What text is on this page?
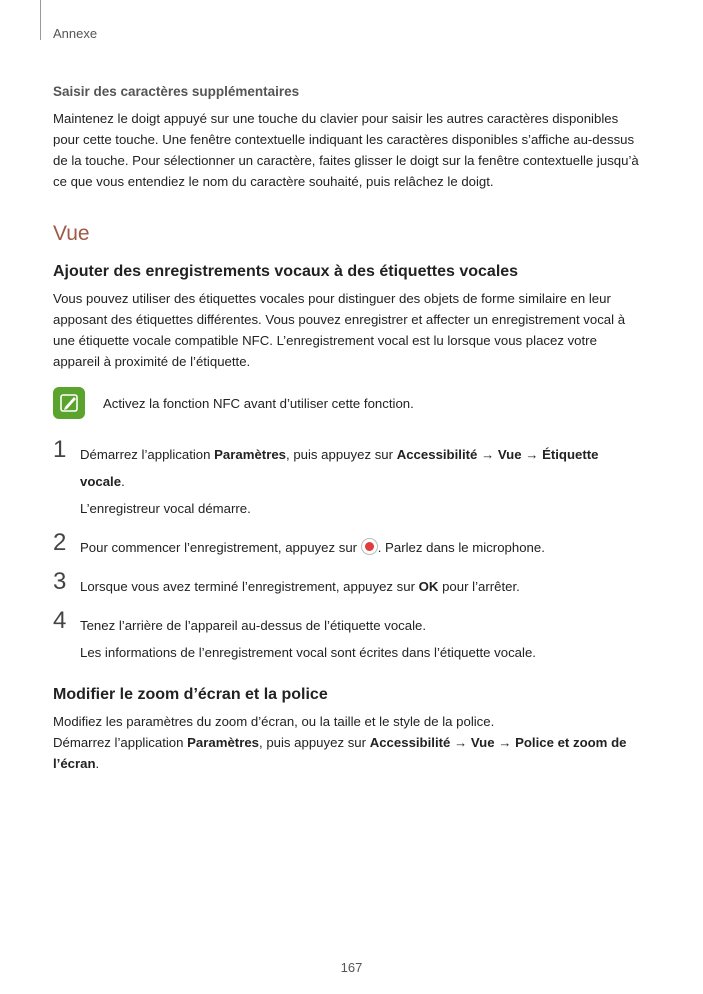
Annexe
Saisir des caractères supplémentaires

Maintenez le doigt appuyé sur une touche du clavier pour saisir les autres caractères disponibles pour cette touche. Une fenêtre contextuelle indiquant les caractères disponibles s’affiche au-dessus de la touche. Pour sélectionner un caractère, faites glisser le doigt sur la fenêtre contextuelle jusqu’à ce que vous entendiez le nom du caractère souhaité, puis relâchez le doigt.

Vue
Ajouter des enregistrements vocaux à des étiquettes vocales

Vous pouvez utiliser des étiquettes vocales pour distinguer des objets de forme similaire en leur apposant des étiquettes différentes. Vous pouvez enregistrer et affecter un enregistrement vocal à une étiquette vocale compatible NFC. L’enregistrement vocal est lu lorsque vous placez votre appareil à proximité de l’étiquette.

Activez la fonction NFC avant d’utiliser cette fonction.
1	Démarrez l’application Paramètres, puis appuyez sur Accessibilité → Vue → Étiquette vocale.

L’enregistreur vocal démarre.

2	Pour commencer l’enregistrement, appuyez sur . Parlez dans le microphone.

3	Lorsque vous avez terminé l’enregistrement, appuyez sur OK pour l’arrêter.

4	Tenez l’arrière de l’appareil au-dessus de l’étiquette vocale.

Les informations de l’enregistrement vocal sont écrites dans l’étiquette vocale.

Modifier le zoom d’écran et la police

Modifiez les paramètres du zoom d’écran, ou la taille et le style de la police.

Démarrez l’application Paramètres, puis appuyez sur Accessibilité → Vue → Police et zoom de l’écran.

167
